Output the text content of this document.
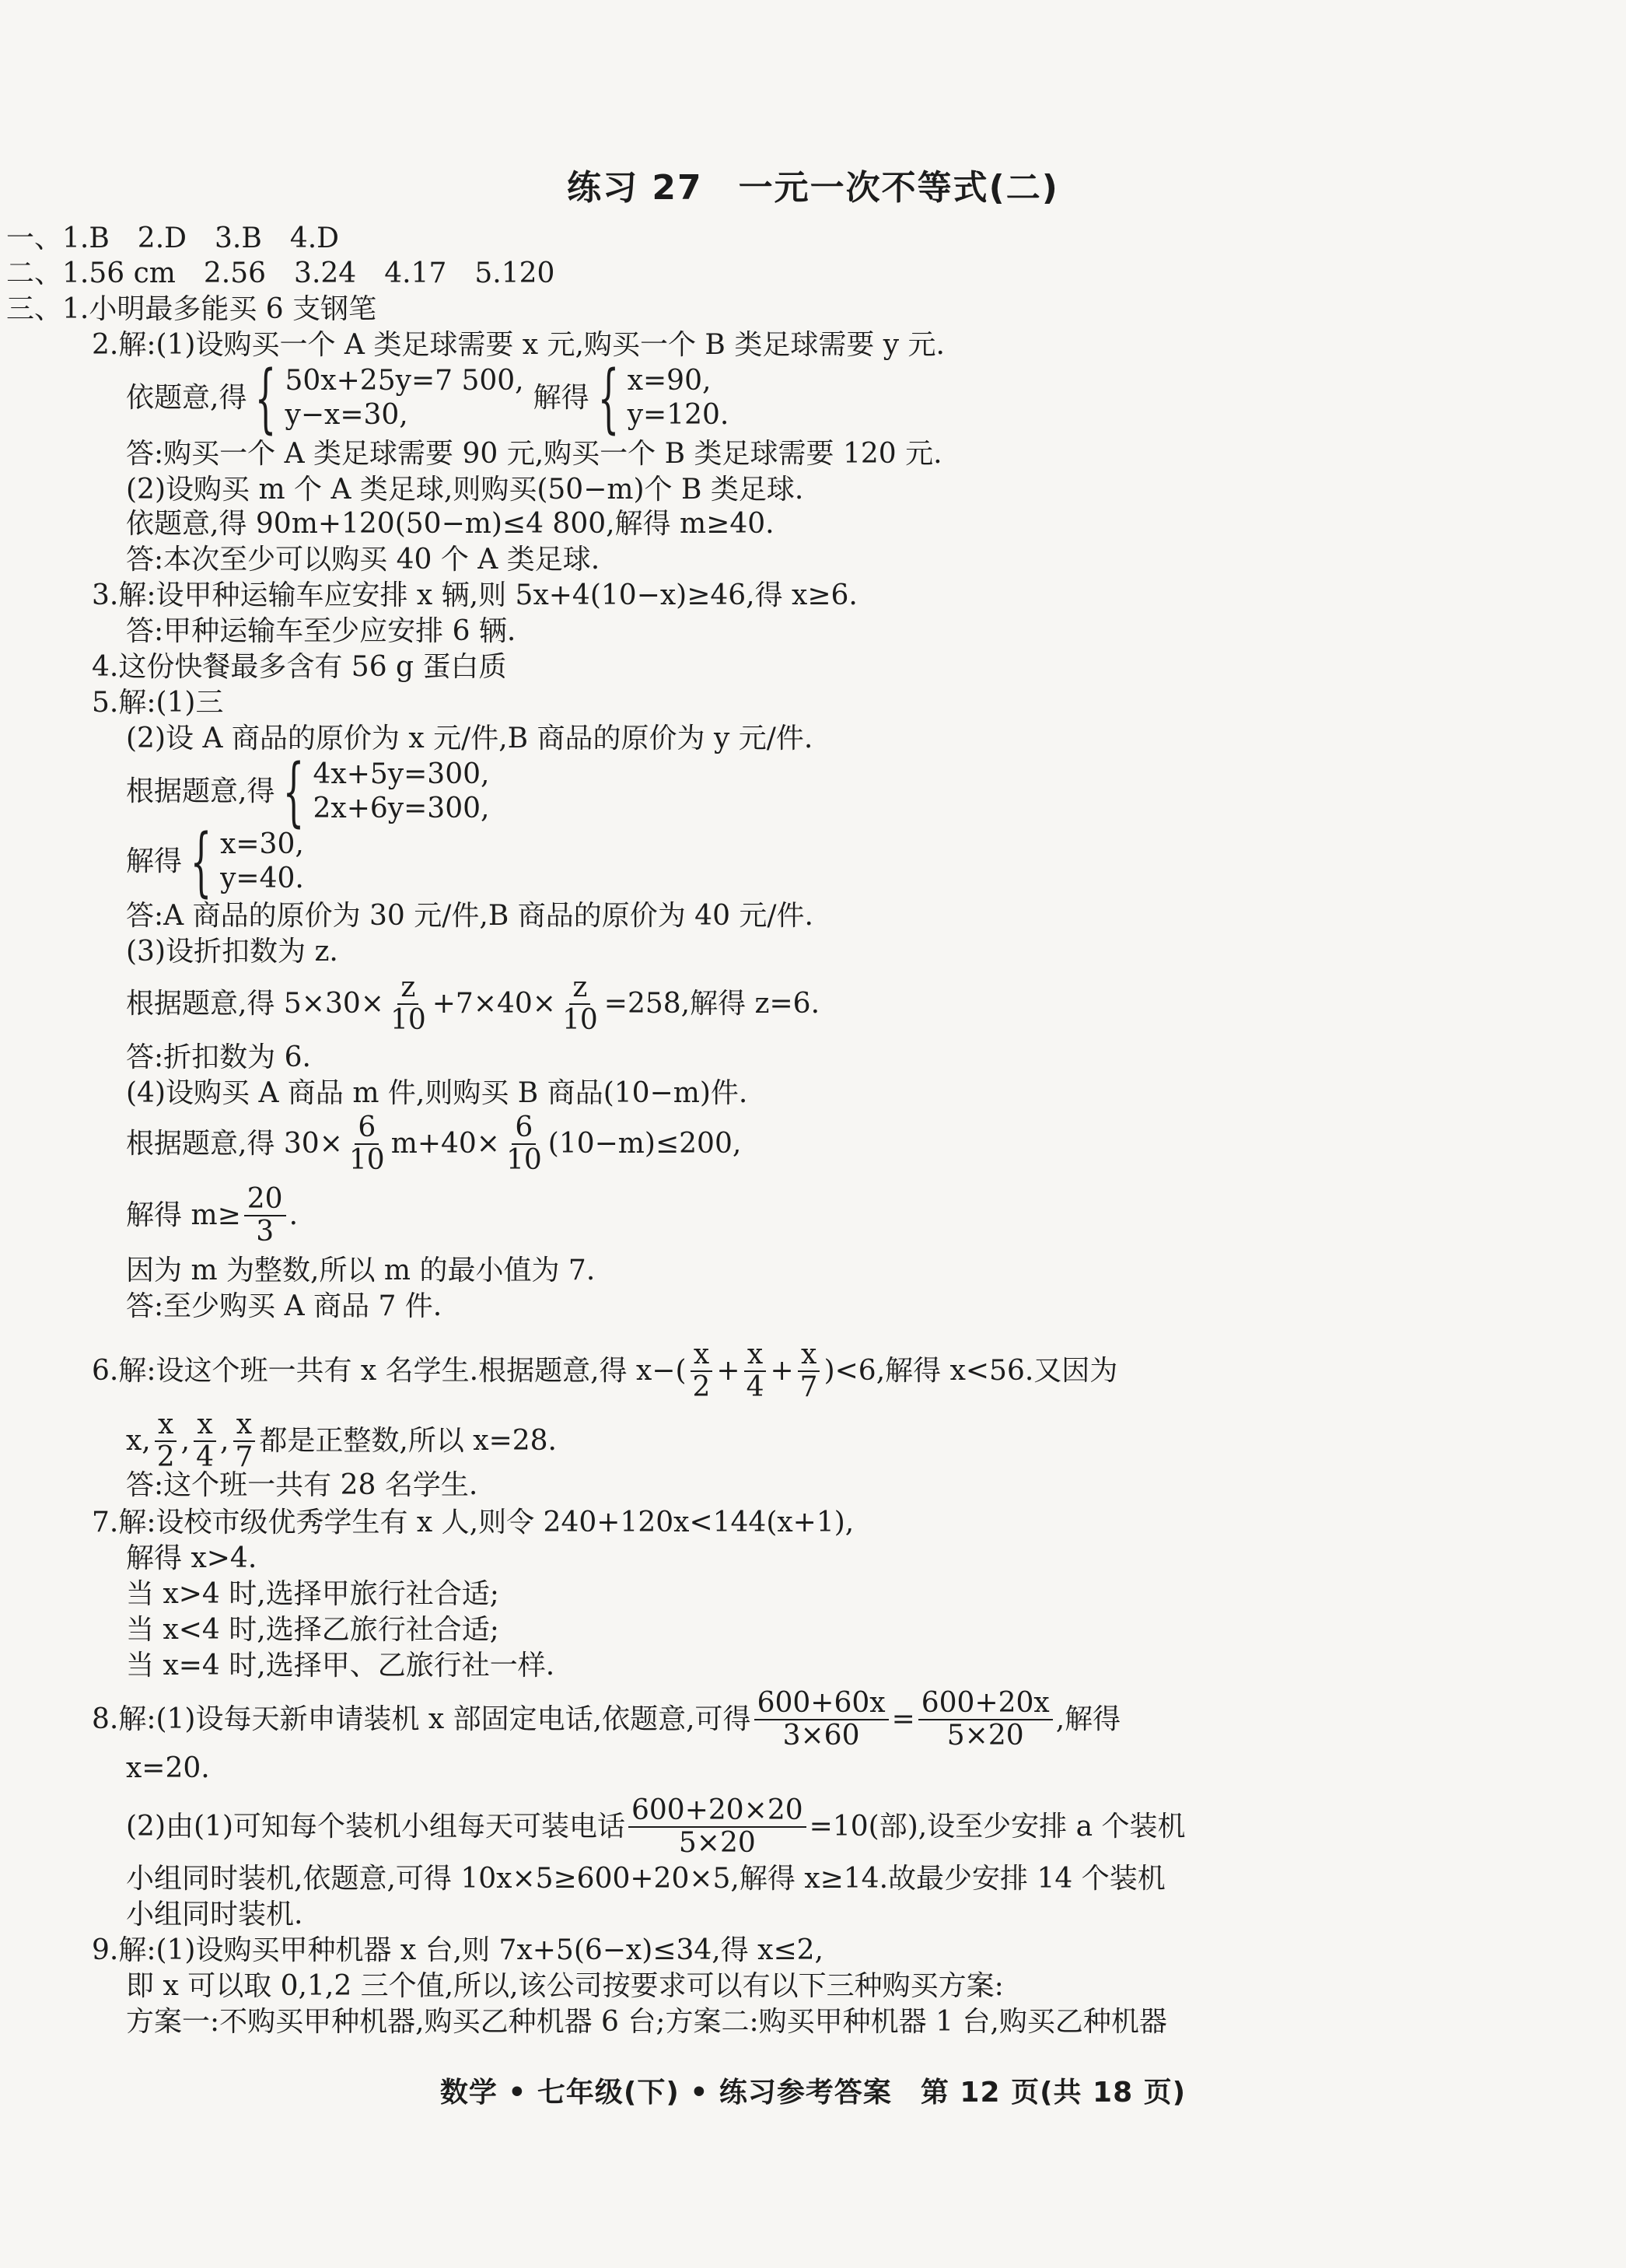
练习 27　一元一次不等式(二)
一、1.B　2.D　3.B　4.D
二、1.56 cm　2.56　3.24　4.17　5.120
三、1.小明最多能买 6 支钢笔
2.解:(1)设购买一个 A 类足球需要 x 元,购买一个 B 类足球需要 y 元.
依题意,得 { 50x+25y=7 500,
y−x=30,
解得 { x=90,
y=120.
答:购买一个 A 类足球需要 90 元,购买一个 B 类足球需要 120 元.
(2)设购买 m 个 A 类足球,则购买(50−m)个 B 类足球.
依题意,得 90m+120(50−m)≤4 800,解得 m≥40.
答:本次至少可以购买 40 个 A 类足球.
3.解:设甲种运输车应安排 x 辆,则 5x+4(10−x)≥46,得 x≥6.
答:甲种运输车至少应安排 6 辆.
4.这份快餐最多含有 56 g 蛋白质
5.解:(1)三
(2)设 A 商品的原价为 x 元/件,B 商品的原价为 y 元/件.
根据题意,得 { 4x+5y=300,
2x+6y=300,
解得 { x=30,
y=40.
答:A 商品的原价为 30 元/件,B 商品的原价为 40 元/件.
(3)设折扣数为 z.
根据题意,得 $5\times 30\times \frac{z}{10} +7\times 40\times \frac{z}{10} =258$,解得 z=6.
答:折扣数为 6.
(4)设购买 A 商品 m 件,则购买 B 商品(10−m)件.
根据题意,得 $30\times \frac{6}{10} m+40\times \frac{6}{10} (10-m)\le 200$,
解得 $m\ge \frac{20}{3}$ .
因为 m 为整数,所以 m 的最小值为 7.
答:至少购买 A 商品 7 件.
6.解:设这个班一共有 x 名学生.根据题意,得 $x-( \frac{x}{2} + \frac{x}{4} + \frac{x}{7} )<6$,解得 x<56.又因为
x, $\frac{x}{2}$ , $\frac{x}{4}$ , $\frac{x}{7}$ 都是正整数,所以 x=28.
答:这个班一共有 28 名学生.
7.解:设校市级优秀学生有 x 人,则令 240+120x<144(x+1),
解得 x>4.
当 x>4 时,选择甲旅行社合适;
当 x<4 时,选择乙旅行社合适;
当 x=4 时,选择甲、乙旅行社一样.
8.解:(1)设每天新申请装机 x 部固定电话,依题意,可得 $\frac{600+60x}{3\times 60} = \frac{600+20x}{5\times 20}$ ,解得
x=20.
(2)由(1)可知每个装机小组每天可装电话 $\frac{600+20\times 20}{5\times 20} =10$(部),设至少安排 a 个装机
小组同时装机,依题意,可得 10x×5≥600+20×5,解得 x≥14.故最少安排 14 个装机
小组同时装机.
9.解:(1)设购买甲种机器 x 台,则 7x+5(6−x)≤34,得 x≤2,
即 x 可以取 0,1,2 三个值,所以,该公司按要求可以有以下三种购买方案:
方案一:不购买甲种机器,购买乙种机器 6 台;方案二:购买甲种机器 1 台,购买乙种机器
数学 • 七年级(下) • 练习参考答案　第 12 页(共 18 页)
